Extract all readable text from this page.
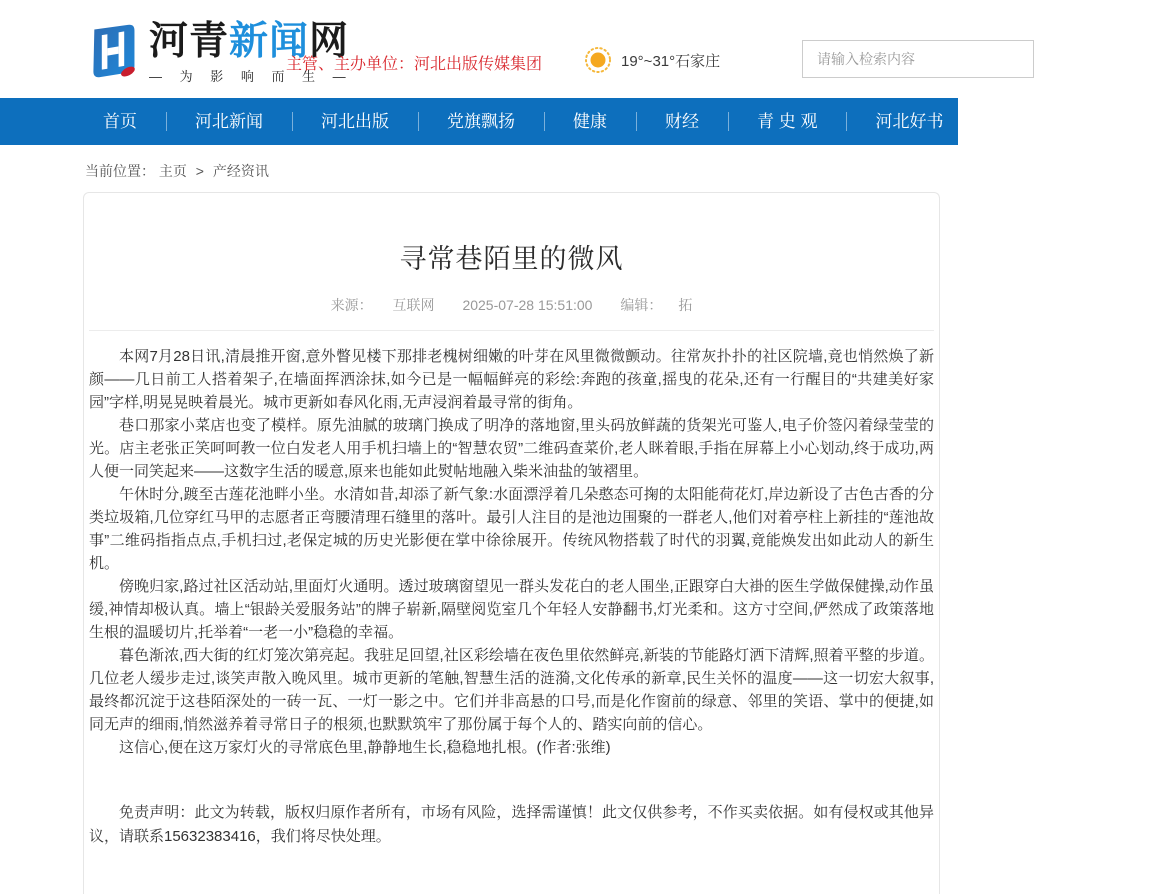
河青新闻网
— 为 影 响 而 生 —
主管、主办单位：河北出版传媒集团	19°~31°石家庄
请输入检索内容
首页	河北新闻	河北出版	党旗飘扬	健康	财经	青 史 观	河北好书	全民辟谣	法
当前位置： 主页 > 产经资讯
寻常巷陌里的微风
来源： 互联网 2025-07-28 15:51:00 编辑： 拓

本网7月28日讯,清晨推开窗,意外瞥见楼下那排老槐树细嫩的叶芽在风里微微颤动。往常灰扑扑的社区院墙,竟也悄然焕了新颜——几日前工人搭着架子,在墙面挥洒涂抹,如今已是一幅幅鲜亮的彩绘:奔跑的孩童,摇曳的花朵,还有一行醒目的“共建美好家园”字样,明晃晃映着晨光。城市更新如春风化雨,无声浸润着最寻常的街角。

巷口那家小菜店也变了模样。原先油腻的玻璃门换成了明净的落地窗,里头码放鲜蔬的货架光可鉴人,电子价签闪着绿莹莹的光。店主老张正笑呵呵教一位白发老人用手机扫墙上的“智慧农贸”二维码查菜价,老人眯着眼,手指在屏幕上小心划动,终于成功,两人便一同笑起来——这数字生活的暖意,原来也能如此熨帖地融入柴米油盐的皱褶里。

午休时分,踱至古莲花池畔小坐。水清如昔,却添了新气象:水面漂浮着几朵憨态可掬的太阳能荷花灯,岸边新设了古色古香的分类垃圾箱,几位穿红马甲的志愿者正弯腰清理石缝里的落叶。最引人注目的是池边围聚的一群老人,他们对着亭柱上新挂的“莲池故事”二维码指指点点,手机扫过,老保定城的历史光影便在掌中徐徐展开。传统风物搭载了时代的羽翼,竟能焕发出如此动人的新生机。

傍晚归家,路过社区活动站,里面灯火通明。透过玻璃窗望见一群头发花白的老人围坐,正跟穿白大褂的医生学做保健操,动作虽缓,神情却极认真。墙上“银龄关爱服务站”的牌子崭新,隔壁阅览室几个年轻人安静翻书,灯光柔和。这方寸空间,俨然成了政策落地生根的温暖切片,托举着“一老一小”稳稳的幸福。

暮色渐浓,西大街的红灯笼次第亮起。我驻足回望,社区彩绘墙在夜色里依然鲜亮,新装的节能路灯洒下清辉,照着平整的步道。几位老人缓步走过,谈笑声散入晚风里。城市更新的笔触,智慧生活的涟漪,文化传承的新章,民生关怀的温度——这一切宏大叙事,最终都沉淀于这巷陌深处的一砖一瓦、一灯一影之中。它们并非高悬的口号,而是化作窗前的绿意、邻里的笑语、掌中的便捷,如同无声的细雨,悄然滋养着寻常日子的根须,也默默筑牢了那份属于每个人的、踏实向前的信心。

这信心,便在这万家灯火的寻常底色里,静静地生长,稳稳地扎根。(作者:张维)

免责声明：此文为转载，版权归原作者所有，市场有风险，选择需谨慎！此文仅供参考，不作买卖依据。如有侵权或其他异议，请联系15632383416，我们将尽快处理。
